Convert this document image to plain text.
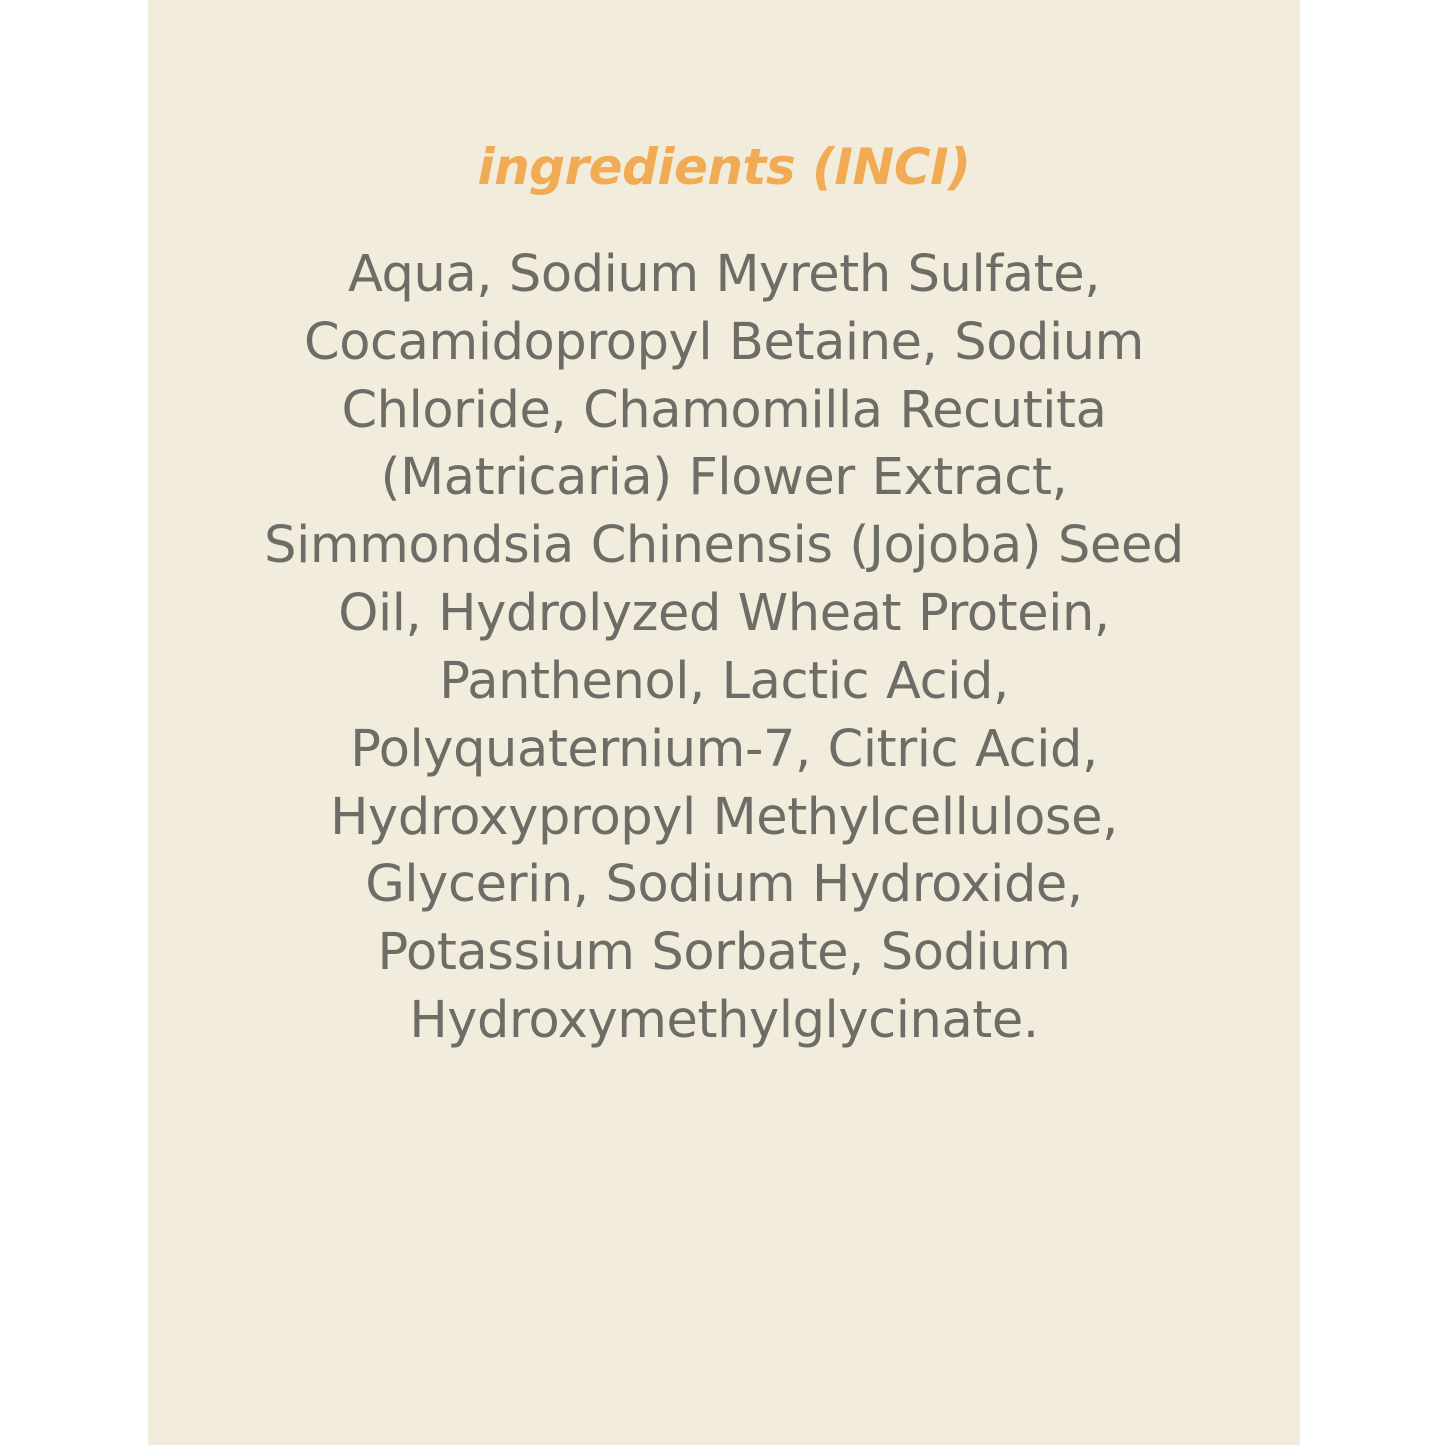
ingredients (INCI)
Aqua, Sodium Myreth Sulfate, Cocamidopropyl Betaine, Sodium Chloride, Chamomilla Recutita (Matricaria) Flower Extract, Simmondsia Chinensis (Jojoba) Seed Oil, Hydrolyzed Wheat Protein, Panthenol, Lactic Acid, Polyquaternium-7, Citric Acid, Hydroxypropyl Methylcellulose, Glycerin, Sodium Hydroxide, Potassium Sorbate, Sodium Hydroxymethylglycinate.
